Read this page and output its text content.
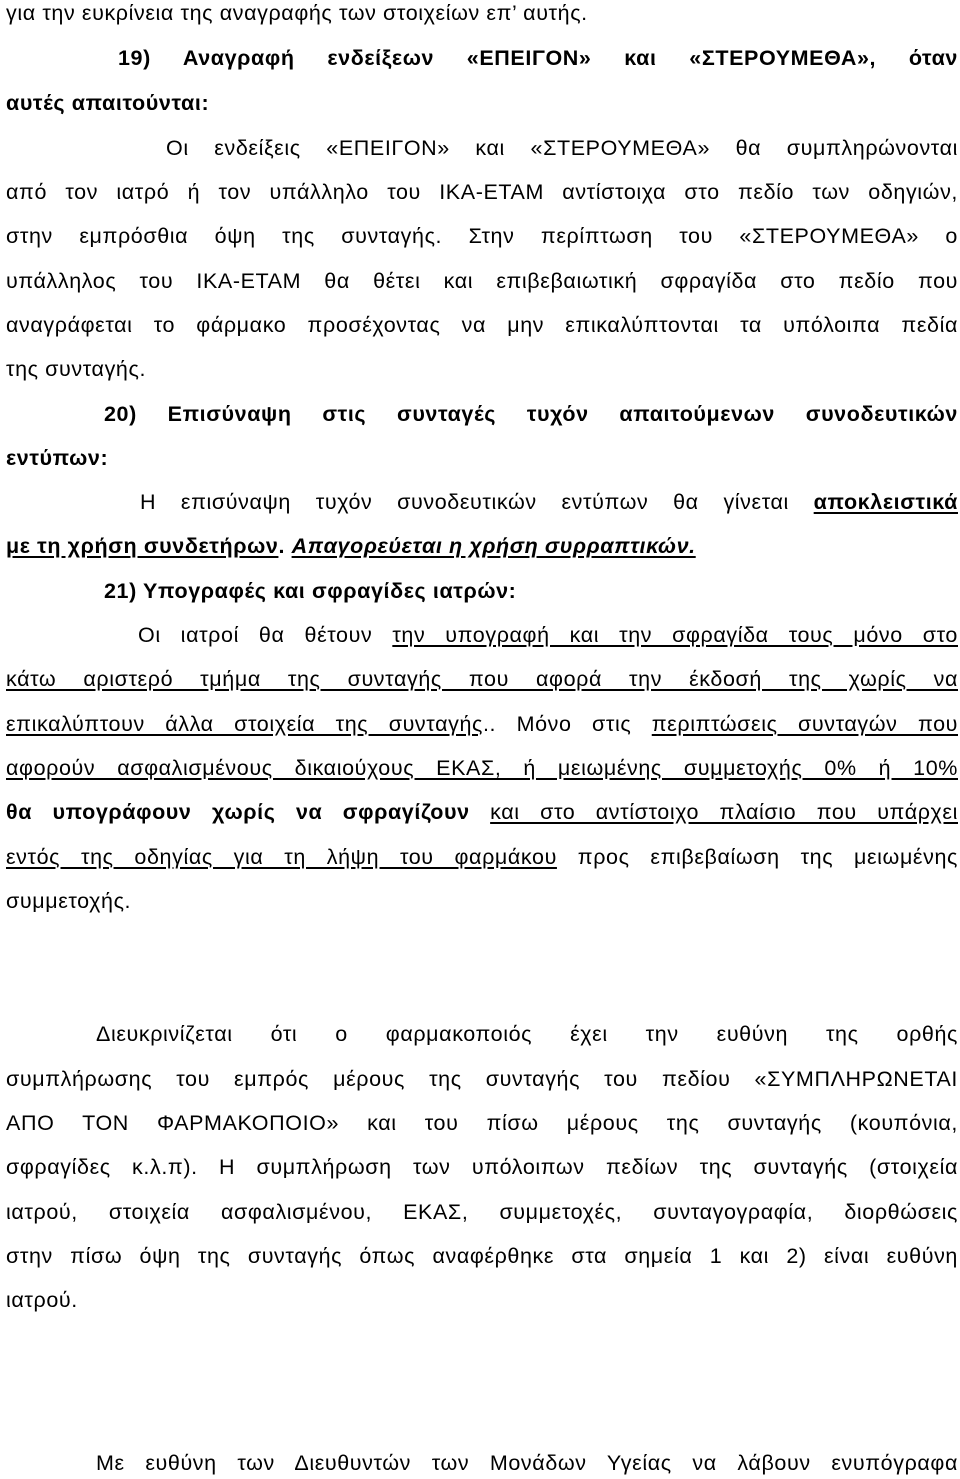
για την ευκρίνεια της αναγραφής των στοιχείων επ’ αυτής.
19) Αναγραφή ενδείξεων «ΕΠΕΙΓΟΝ» και «ΣΤΕΡΟΥΜΕΘΑ», όταν
αυτές απαιτούνται:
Οι ενδείξεις «ΕΠΕΙΓΟΝ» και «ΣΤΕΡΟΥΜΕΘΑ» θα συμπληρώνονται
από τον ιατρό ή τον υπάλληλο του ΙΚΑ-ΕΤΑΜ αντίστοιχα στο πεδίο των οδηγιών,
στην εμπρόσθια όψη της συνταγής. Στην περίπτωση του «ΣΤΕΡΟΥΜΕΘΑ» ο
υπάλληλος του ΙΚΑ-ΕΤΑΜ θα θέτει και επιβεβαιωτική σφραγίδα στο πεδίο που
αναγράφεται το φάρμακο προσέχοντας να μην επικαλύπτονται τα υπόλοιπα πεδία
της συνταγής.
20) Επισύναψη στις συνταγές τυχόν απαιτούμενων συνοδευτικών
εντύπων:
Η επισύναψη τυχόν συνοδευτικών εντύπων θα γίνεται αποκλειστικά
με τη χρήση συνδετήρων. Απαγορεύεται η χρήση συρραπτικών.
21) Υπογραφές και σφραγίδες ιατρών:
Οι ιατροί θα θέτουν την υπογραφή και την σφραγίδα τους μόνο στο
κάτω αριστερό τμήμα της συνταγής που αφορά την έκδοσή της χωρίς να
επικαλύπτουν άλλα στοιχεία της συνταγής.. Μόνο στις περιπτώσεις συνταγών που
αφορούν ασφαλισμένους δικαιούχους ΕΚΑΣ, ή μειωμένης συμμετοχής 0% ή 10%
θα υπογράφουν χωρίς να σφραγίζουν και στο αντίστοιχο πλαίσιο που υπάρχει
εντός της οδηγίας για τη λήψη του φαρμάκου προς επιβεβαίωση της μειωμένης
συμμετοχής.
Διευκρινίζεται ότι ο φαρμακοποιός έχει την ευθύνη της ορθής
συμπλήρωσης του εμπρός μέρους της συνταγής του πεδίου «ΣΥΜΠΛΗΡΩΝΕΤΑΙ
ΑΠΟ ΤΟΝ ΦΑΡΜΑΚΟΠΟΙΟ» και του πίσω μέρους της συνταγής (κουπόνια,
σφραγίδες κ.λ.π). Η συμπλήρωση των υπόλοιπων πεδίων της συνταγής (στοιχεία
ιατρού, στοιχεία ασφαλισμένου, ΕΚΑΣ, συμμετοχές, συνταγογραφία, διορθώσεις
στην πίσω όψη της συνταγής όπως αναφέρθηκε στα σημεία 1 και 2) είναι ευθύνη
ιατρού.
Με ευθύνη των Διευθυντών των Μονάδων Υγείας να λάβουν ενυπόγραφα
